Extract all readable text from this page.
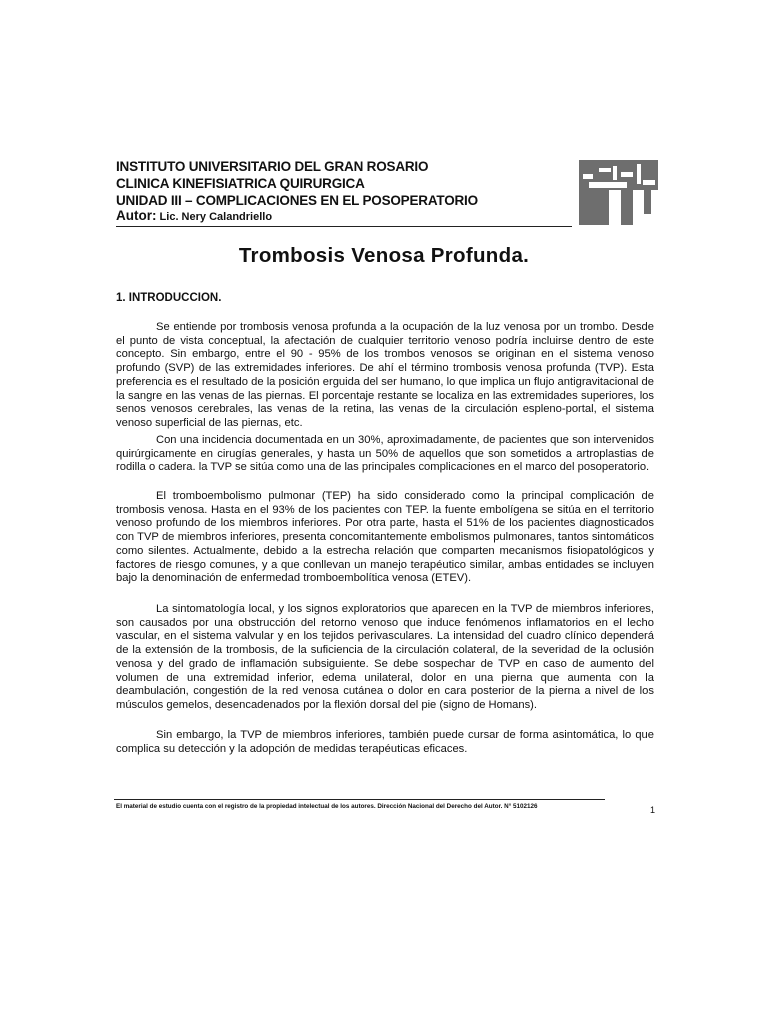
INSTITUTO UNIVERSITARIO DEL GRAN ROSARIO
CLINICA KINEFISIATRICA QUIRURGICA
UNIDAD III – COMPLICACIONES EN EL POSOPERATORIO
Autor: Lic. Nery Calandriello
Trombosis Venosa Profunda.
1. INTRODUCCION.

Se entiende por trombosis venosa profunda a la ocupación de la luz venosa por un trombo. Desde el punto de vista conceptual, la afectación de cualquier territorio venoso podría incluirse dentro de este concepto. Sin embargo, entre el 90 - 95% de los trombos venosos se originan en el sistema venoso profundo (SVP) de las extremidades inferiores. De ahí el término trombosis venosa profunda (TVP). Esta preferencia es el resultado de la posición erguida del ser humano, lo que implica un flujo antigravitacional de la sangre en las venas de las piernas. El porcentaje restante se localiza en las extremidades superiores, los senos venosos cerebrales, las venas de la retina, las venas de la circulación espleno-portal, el sistema venoso superficial de las piernas, etc.

Con una incidencia documentada en un 30%, aproximadamente, de pacientes que son intervenidos quirúrgicamente en cirugías generales, y hasta un 50% de aquellos que son sometidos a artroplastias de rodilla o cadera. la TVP se sitúa como una de las principales complicaciones en el marco del posoperatorio.

El tromboembolismo pulmonar (TEP) ha sido considerado como la principal complicación de trombosis venosa. Hasta en el 93% de los pacientes con TEP. la fuente embolígena se sitúa en el territorio venoso profundo de los miembros inferiores. Por otra parte, hasta el 51% de los pacientes diagnosticados con TVP de miembros inferiores, presenta concomitantemente embolismos pulmonares, tantos sintomáticos como silentes. Actualmente, debido a la estrecha relación que comparten mecanismos fisiopatológicos y factores de riesgo comunes, y a que conllevan un manejo terapéutico similar, ambas entidades se incluyen bajo la denominación de enfermedad tromboembolítica venosa (ETEV).

La sintomatología local, y los signos exploratorios que aparecen en la TVP de miembros inferiores, son causados por una obstrucción del retorno venoso que induce fenómenos inflamatorios en el lecho vascular, en el sistema valvular y en los tejidos perivasculares. La intensidad del cuadro clínico dependerá de la extensión de la trombosis, de la suficiencia de la circulación colateral, de la severidad de la oclusión venosa y del grado de inflamación subsiguiente. Se debe sospechar de TVP en caso de aumento del volumen de una extremidad inferior, edema unilateral, dolor en una pierna que aumenta con la deambulación, congestión de la red venosa cutánea o dolor en cara posterior de la pierna a nivel de los músculos gemelos, desencadenados por la flexión dorsal del pie (signo de Homans).

Sin embargo, la TVP de miembros inferiores, también puede cursar de forma asintomática, lo que complica su detección y la adopción de medidas terapéuticas eficaces.

El material de estudio cuenta con el registro de la propiedad intelectual de los autores. Dirección Nacional del Derecho del Autor. N° 5102126	1
